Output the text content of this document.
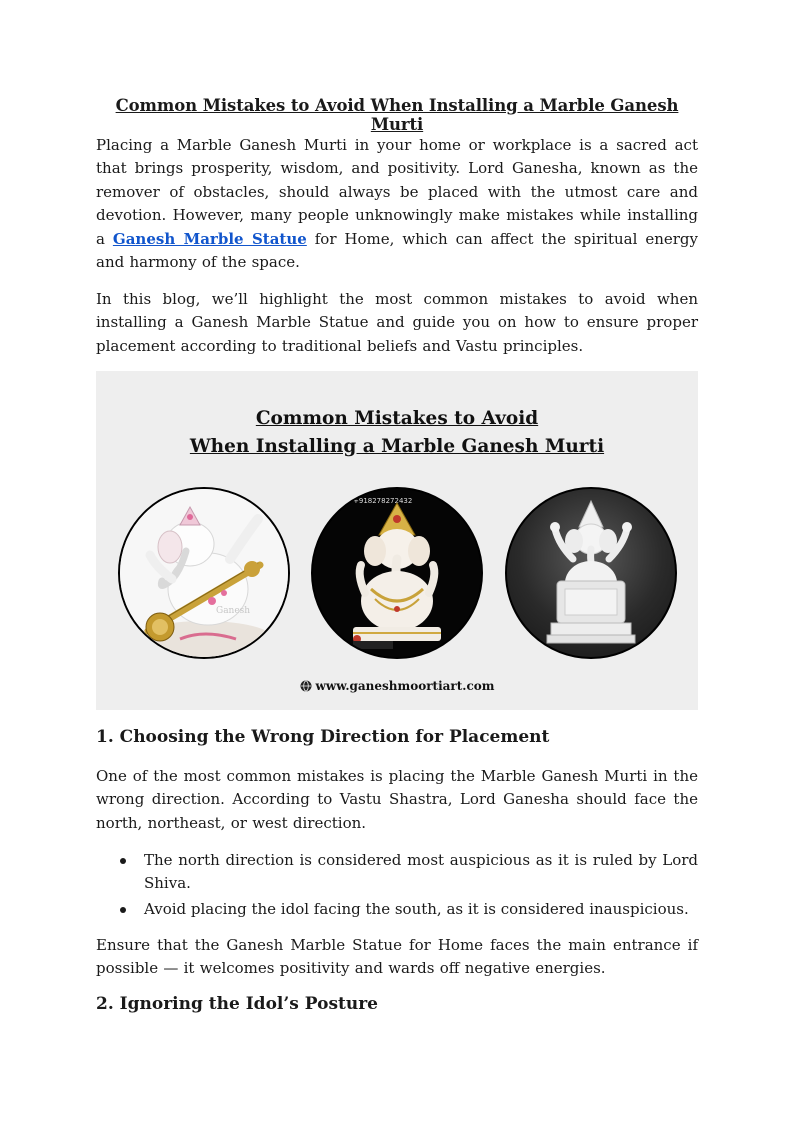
Common Mistakes to Avoid When Installing a Marble Ganesh Murti

Placing a Marble Ganesh Murti in your home or workplace is a sacred act that brings prosperity, wisdom, and positivity. Lord Ganesha, known as the remover of obstacles, should always be placed with the utmost care and devotion. However, many people unknowingly make mistakes while installing a Ganesh Marble Statue for Home, which can affect the spiritual energy and harmony of the space.

In this blog, we’ll highlight the most common mistakes to avoid when installing a Ganesh Marble Statue and guide you on how to ensure proper placement according to traditional beliefs and Vastu principles.

1. Choosing the Wrong Direction for Placement

One of the most common mistakes is placing the Marble Ganesh Murti in the wrong direction. According to Vastu Shastra, Lord Ganesha should face the north, northeast, or west direction.

The north direction is considered most auspicious as it is ruled by Lord Shiva.
Avoid placing the idol facing the south, as it is considered inauspicious.

Ensure that the Ganesh Marble Statue for Home faces the main entrance if possible — it welcomes positivity and wards off negative energies.

2. Ignoring the Idol’s Posture
Common Mistakes to Avoid
When Installing a Marble Ganesh Murti
Ganesh
+918278272432
www.ganeshmoortiart.com
